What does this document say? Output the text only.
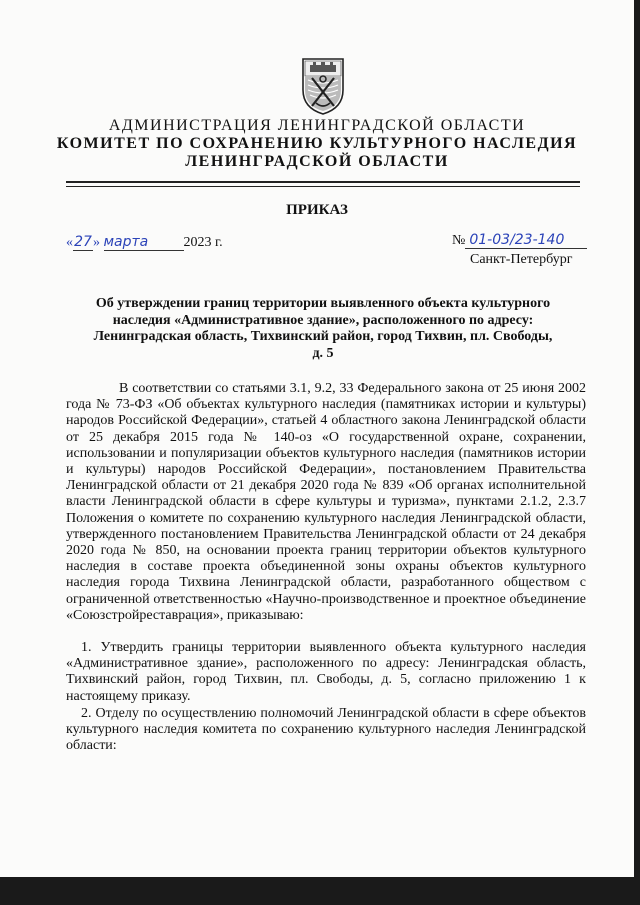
АДМИНИСТРАЦИЯ ЛЕНИНГРАДСКОЙ ОБЛАСТИ
КОМИТЕТ ПО СОХРАНЕНИЮ КУЛЬТУРНОГО НАСЛЕДИЯ
ЛЕНИНГРАДСКОЙ ОБЛАСТИ
ПРИКАЗ
«27» марта	2023 г.	№ 01-03/23-140
Санкт-Петербург
Об утверждении границ территории выявленного объекта культурного наследия «Административное здание», расположенного по адресу: Ленинградская область, Тихвинский район, город Тихвин, пл. Свободы, д. 5
В соответствии со статьями 3.1, 9.2, 33 Федерального закона от 25 июня 2002 года № 73-ФЗ «Об объектах культурного наследия (памятниках истории и культуры) народов Российской Федерации», статьей 4 областного закона Ленинградской области от 25 декабря 2015 года № 140-оз «О государственной охране, сохранении, использовании и популяризации объектов культурного наследия (памятников истории и культуры) народов Российской Федерации», постановлением Правительства Ленинградской области от 21 декабря 2020 года № 839 «Об органах исполнительной власти Ленинградской области в сфере культуры и туризма», пунктами 2.1.2, 2.3.7 Положения о комитете по сохранению культурного наследия Ленинградской области, утвержденного постановлением Правительства Ленинградской области от 24 декабря 2020 года № 850, на основании проекта границ территории объектов культурного наследия в составе проекта объединенной зоны охраны объектов культурного наследия города Тихвина Ленинградской области, разработанного обществом с ограниченной ответственностью «Научно-производственное и проектное объединение «Союзстройреставрация», приказываю:
1. Утвердить границы территории выявленного объекта культурного наследия «Административное здание», расположенного по адресу: Ленинградская область, Тихвинский район, город Тихвин, пл. Свободы, д. 5, согласно приложению 1 к настоящему приказу.
2. Отделу по осуществлению полномочий Ленинградской области в сфере объектов культурного наследия комитета по сохранению культурного наследия Ленинградской области:
